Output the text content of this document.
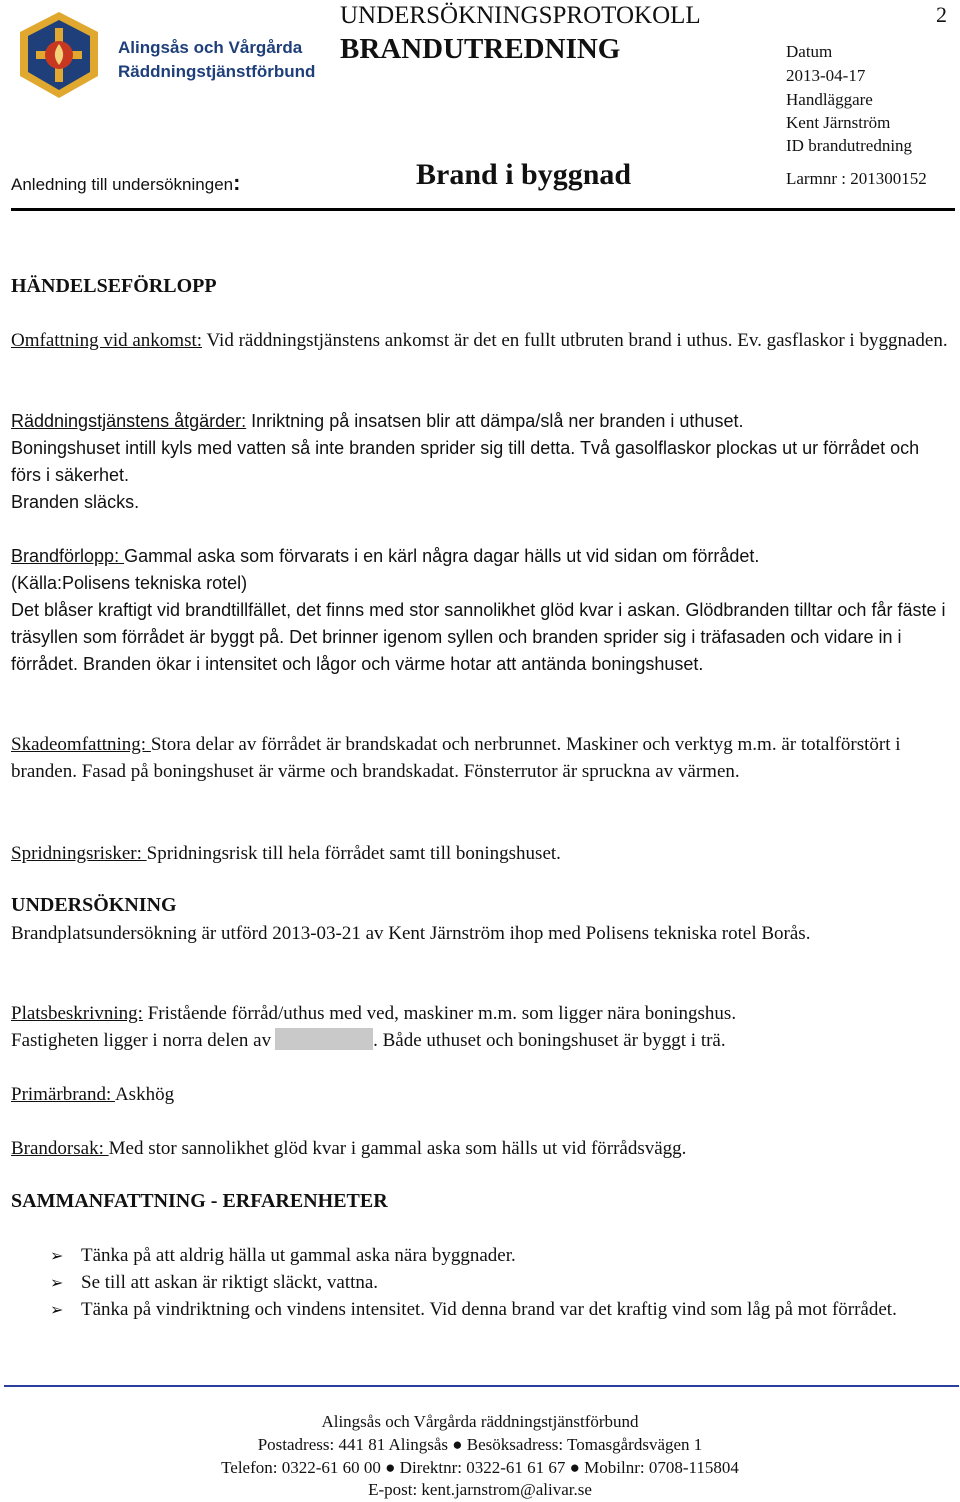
Alingsås och Vårgårda
Räddningstjänstförbund
UNDERSÖKNINGSPROTOKOLL
BRANDUTREDNING
2
Datum
2013-04-17
Handläggare
Kent Järnström
ID brandutredning
Anledning till undersökningen:	Brand i byggnad	Larmnr : 201300152
HÄNDELSEFÖRLOPP
Omfattning vid ankomst: Vid räddningstjänstens ankomst är det en fullt utbruten brand i uthus. Ev. gasflaskor i byggnaden.
Räddningstjänstens åtgärder: Inriktning på insatsen blir att dämpa/slå ner branden i uthuset.
Boningshuset intill kyls med vatten så inte branden sprider sig till detta. Två gasolflaskor plockas ut ur förrådet och förs i säkerhet.
Branden släcks.
Brandförlopp: Gammal aska som förvarats i en kärl några dagar hälls ut vid sidan om förrådet.
(Källa:Polisens tekniska rotel)
Det blåser kraftigt vid brandtillfället, det finns med stor sannolikhet glöd kvar i askan. Glödbranden tilltar och får fäste i träsyllen som förrådet är byggt på. Det brinner igenom syllen och branden sprider sig i träfasaden och vidare in i förrådet. Branden ökar i intensitet och lågor och värme hotar att antända boningshuset.
Skadeomfattning: Stora delar av förrådet är brandskadat och nerbrunnet. Maskiner och verktyg m.m. är totalförstört i branden. Fasad på boningshuset är värme och brandskadat. Fönsterrutor är spruckna av värmen.
Spridningsrisker: Spridningsrisk till hela förrådet samt till boningshuset.
UNDERSÖKNING
Brandplatsundersökning är utförd 2013-03-21 av Kent Järnström ihop med Polisens tekniska rotel Borås.
Platsbeskrivning: Fristående förråd/uthus med ved, maskiner m.m. som ligger nära boningshus.
Fastigheten ligger i norra delen av	. Både uthuset och boningshuset är byggt i trä.
Primärbrand: Askhög
Brandorsak: Med stor sannolikhet glöd kvar i gammal aska som hälls ut vid förrådsvägg.
SAMMANFATTNING - ERFARENHETER
➢ Tänka på att aldrig hälla ut gammal aska nära byggnader.
➢ Se till att askan är riktigt släckt, vattna.
➢ Tänka på vindriktning och vindens intensitet. Vid denna brand var det kraftig vind som låg på mot förrådet.
Alingsås och Vårgårda räddningstjänstförbund
Postadress: 441 81 Alingsås ● Besöksadress: Tomasgårdsvägen 1
Telefon: 0322-61 60 00 ● Direktnr: 0322-61 61 67 ● Mobilnr: 0708-115804
E-post: kent.jarnstrom@alivar.se
